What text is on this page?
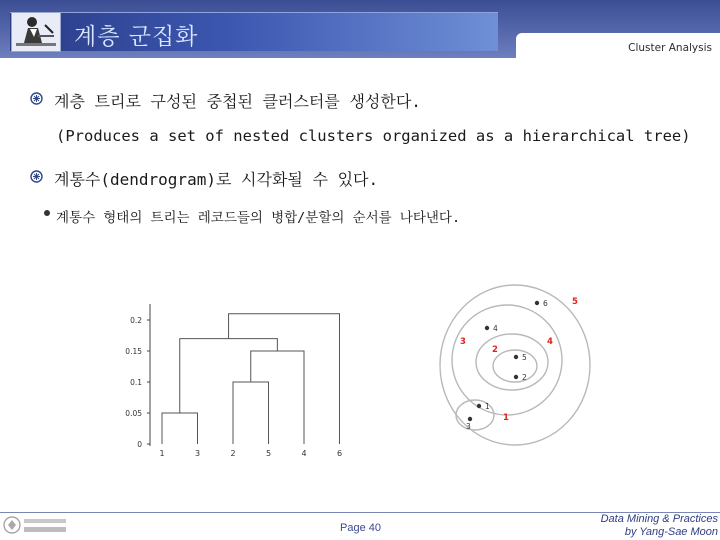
계층 군집화	Cluster Analysis
계층 트리로 구성된 중첩된 클러스터를 생성한다.
(Produces a set of nested clusters organized as a hierarchical tree)
계통수(dendrogram)로 시각화될 수 있다.
계통수 형태의 트리는 레코드들의 병합/분할의 순서를 나타낸다.
0
0.05
0.1
0.15
0.2
1	3	2	5	4	6
6
4
5
2
1
3
2
5
3	4
1
Page 40
Data Mining & Practices
by Yang-Sae Moon
